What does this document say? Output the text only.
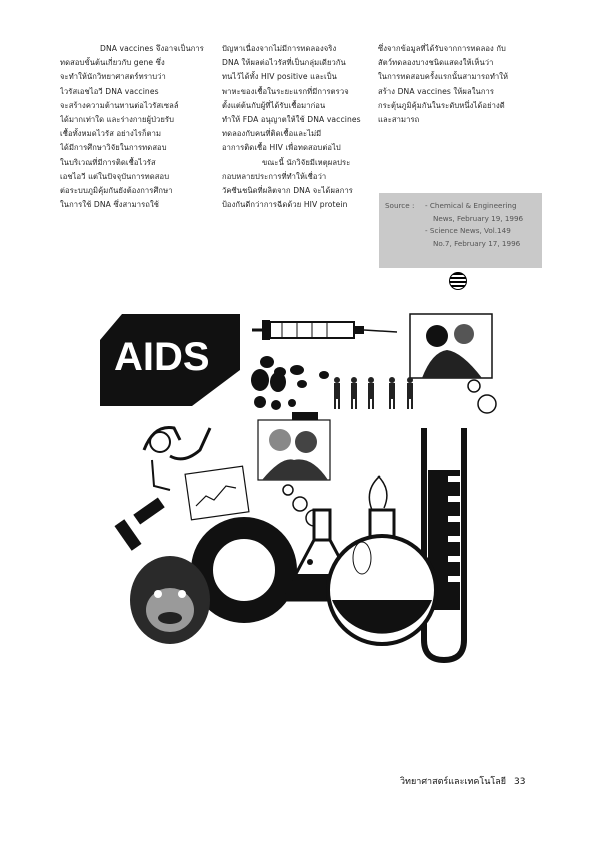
DNA vaccines จึงอาจเป็นการ
ทดสอบขั้นต้นเกี่ยวกับ gene ซึ่ง
จะทำให้นักวิทยาศาสตร์ทราบว่า
ไวรัสเอชไอวี DNA vaccines
จะสร้างความต้านทานต่อไวรัสเซลล์
ได้มากเท่าใด และร่างกายผู้ป่วยรับ
เชื้อทั้งหมดไวรัส อย่างไรก็ตาม
ได้มีการศึกษาวิจัยในการทดสอบ
ในบริเวณที่มีการติดเชื้อไวรัส
เอชไอวี แต่ในปัจจุบันการทดสอบ
ต่อระบบภูมิคุ้มกันยังต้องการศึกษา
ในการใช้ DNA ซึ่งสามารถใช้
ปัญหาเนื่องจากไม่มีการทดลองจริง
DNA ให้ผลต่อไวรัสที่เป็นกลุ่มเดียวกัน
ทนไว้ได้ทั้ง HIV positive และเป็น
พาหะของเชื้อในระยะแรกที่มีการตรวจ
ตั้งแต่ต้นกับผู้ที่ได้รับเชื้อมาก่อน
ทำให้ FDA อนุญาตให้ใช้ DNA vaccines
ทดลองกับคนที่ติดเชื้อและไม่มี
อาการติดเชื้อ HIV เพื่อทดสอบต่อไป
ขณะนี้ นักวิจัยมีเหตุผลประ
กอบหลายประการที่ทำให้เชื่อว่า
วัคซีนชนิดที่ผลิตจาก DNA จะได้ผลการ
ป้องกันดีกว่าการฉีดด้วย HIV protein
ซึ่งจากข้อมูลที่ได้รับจากการทดลอง กับ
สัตว์ทดลองบางชนิดแสดงให้เห็นว่า
ในการทดสอบครั้งแรกนั้นสามารถทำให้
สร้าง DNA vaccines ให้ผลในการ
กระตุ้นภูมิคุ้มกันในระดับหนึ่งได้อย่างดี
และสามารถ
Source : - Chemical & Engineering
News, February 19, 1996
- Science News, Vol.149
No.7, February 17, 1996
AIDS
วิทยาศาสตร์และเทคโนโลยี 33
